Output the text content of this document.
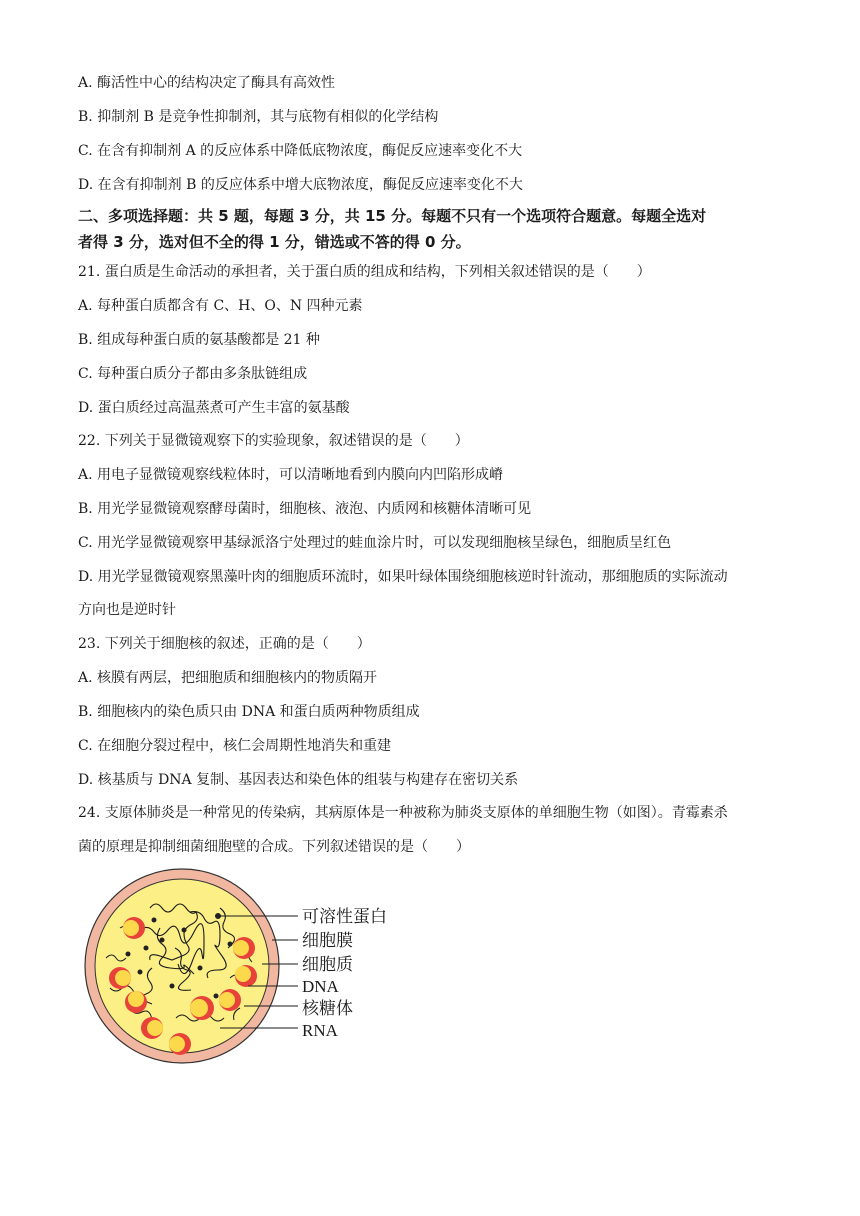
A. 酶活性中心的结构决定了酶具有高效性
B. 抑制剂 B 是竞争性抑制剂，其与底物有相似的化学结构
C. 在含有抑制剂 A 的反应体系中降低底物浓度，酶促反应速率变化不大
D. 在含有抑制剂 B 的反应体系中增大底物浓度，酶促反应速率变化不大
二、多项选择题：共 5 题，每题 3 分，共 15 分。每题不只有一个选项符合题意。每题全选对
者得 3 分，选对但不全的得 1 分，错选或不答的得 0 分。
21. 蛋白质是生命活动的承担者，关于蛋白质的组成和结构，下列相关叙述错误的是（　　）
A. 每种蛋白质都含有 C、H、O、N 四种元素
B. 组成每种蛋白质的氨基酸都是 21 种
C. 每种蛋白质分子都由多条肽链组成
D. 蛋白质经过高温蒸煮可产生丰富的氨基酸
22. 下列关于显微镜观察下的实验现象，叙述错误的是（　　）
A. 用电子显微镜观察线粒体时，可以清晰地看到内膜向内凹陷形成嵴
B. 用光学显微镜观察酵母菌时，细胞核、液泡、内质网和核糖体清晰可见
C. 用光学显微镜观察甲基绿派洛宁处理过的蛙血涂片时，可以发现细胞核呈绿色，细胞质呈红色
D. 用光学显微镜观察黑藻叶肉的细胞质环流时，如果叶绿体围绕细胞核逆时针流动，那细胞质的实际流动
方向也是逆时针
23. 下列关于细胞核的叙述，正确的是（　　）
A. 核膜有两层，把细胞质和细胞核内的物质隔开
B. 细胞核内的染色质只由 DNA 和蛋白质两种物质组成
C. 在细胞分裂过程中，核仁会周期性地消失和重建
D. 核基质与 DNA 复制、基因表达和染色体的组装与构建存在密切关系
24. 支原体肺炎是一种常见的传染病，其病原体是一种被称为肺炎支原体的单细胞生物（如图）。青霉素杀
菌的原理是抑制细菌细胞壁的合成。下列叙述错误的是（　　）
可溶性蛋白
细胞膜
细胞质
DNA
核糖体
RNA
